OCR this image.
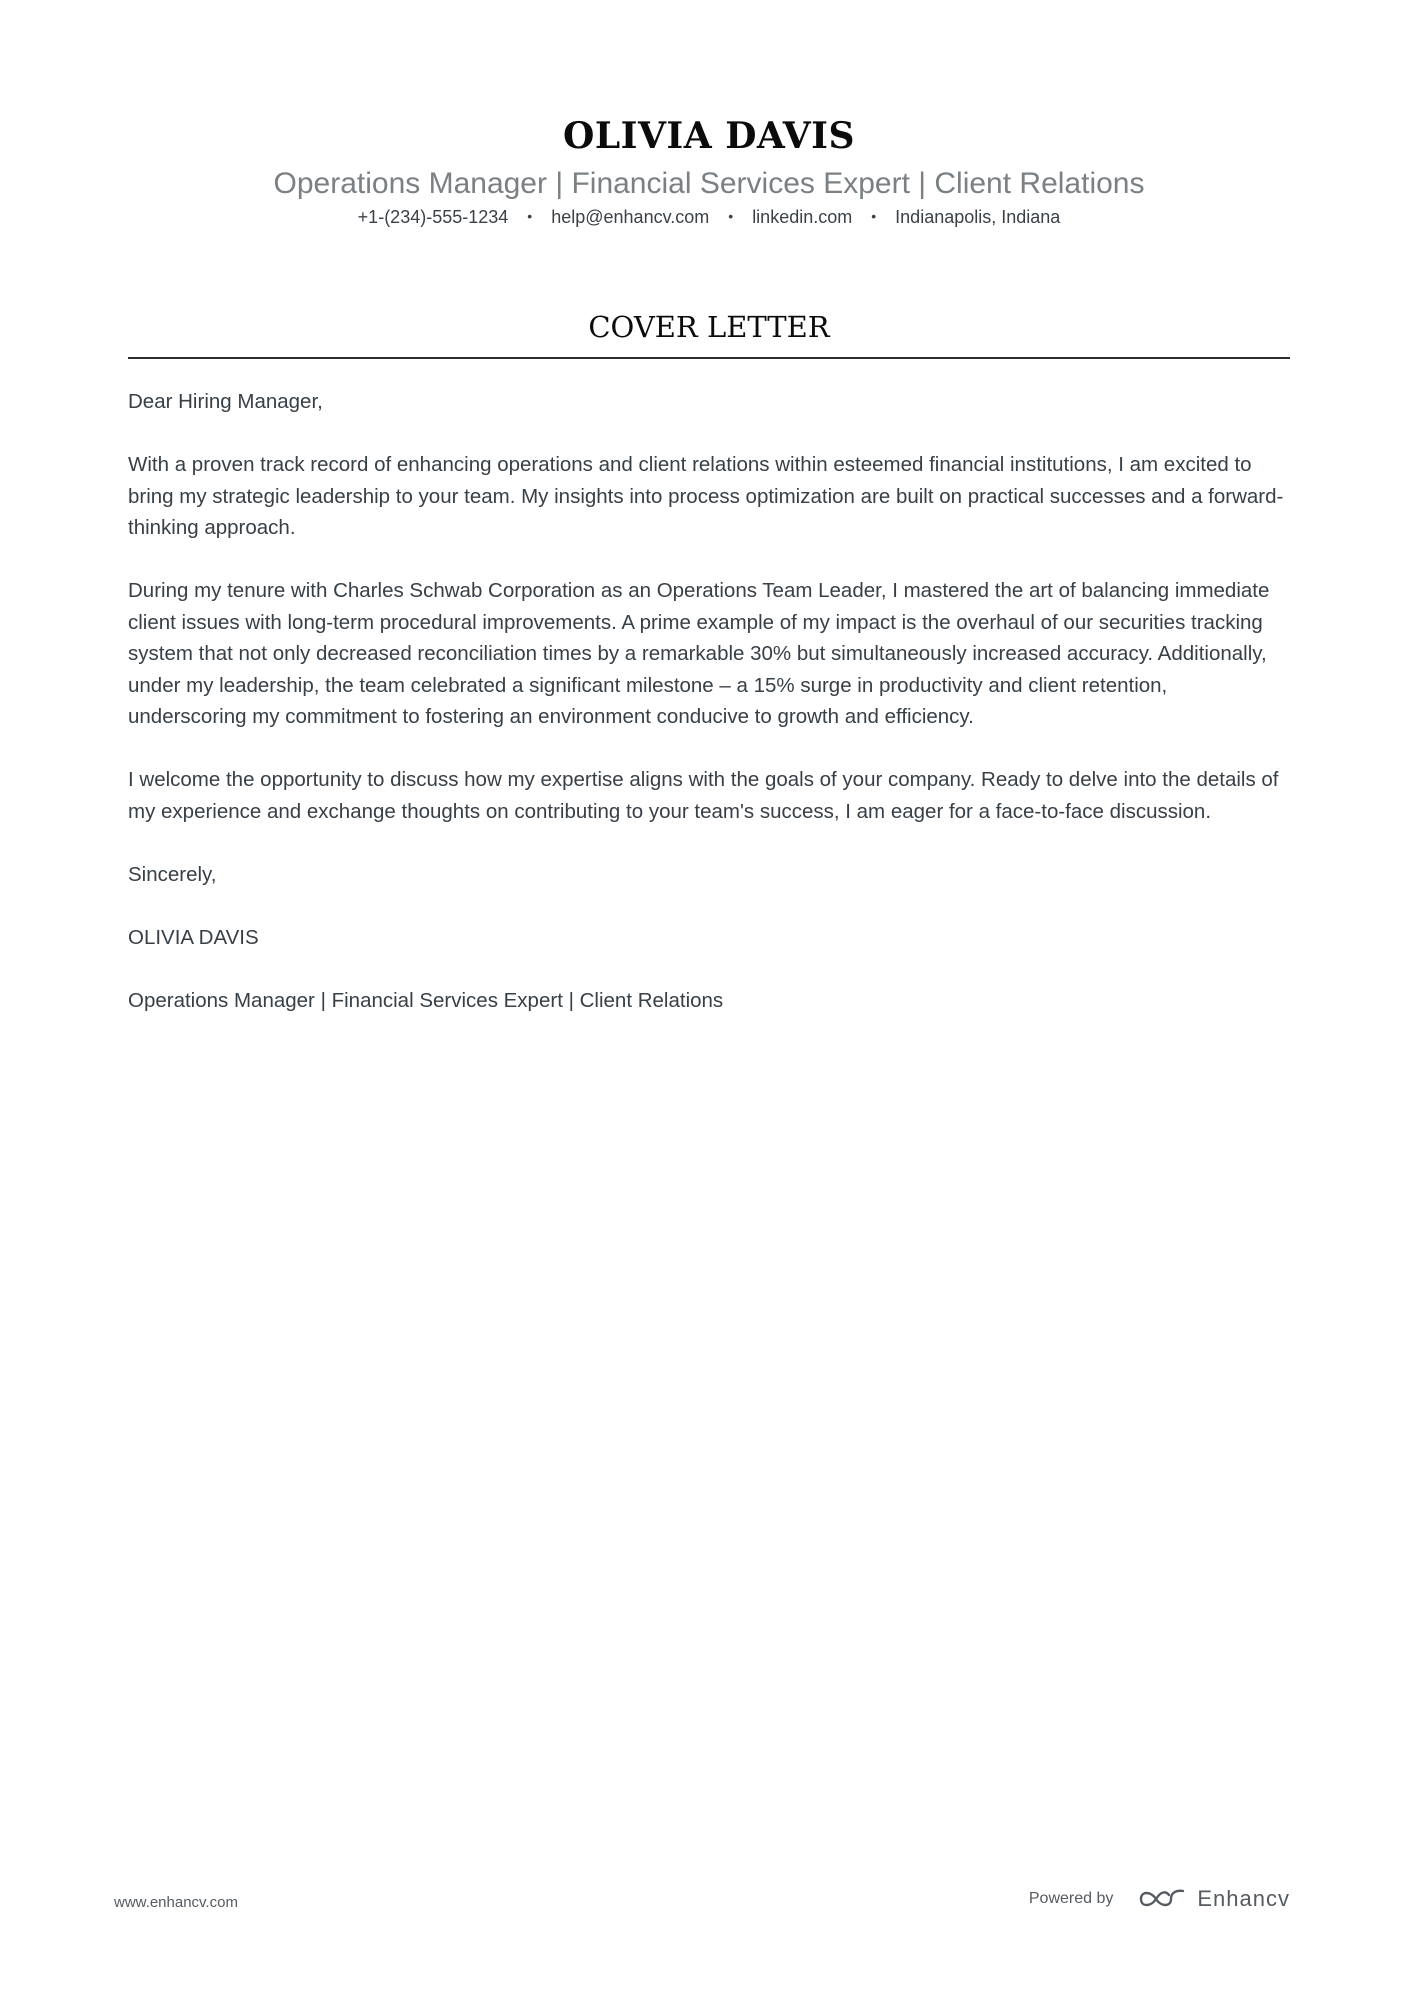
OLIVIA DAVIS
Operations Manager | Financial Services Expert | Client Relations
+1-(234)-555-1234 • help@enhancv.com • linkedin.com • Indianapolis, Indiana
COVER LETTER

Dear Hiring Manager,

With a proven track record of enhancing operations and client relations within esteemed financial institutions, I am excited to bring my strategic leadership to your team. My insights into process optimization are built on practical successes and a forward-thinking approach.

During my tenure with Charles Schwab Corporation as an Operations Team Leader, I mastered the art of balancing immediate client issues with long-term procedural improvements. A prime example of my impact is the overhaul of our securities tracking system that not only decreased reconciliation times by a remarkable 30% but simultaneously increased accuracy. Additionally, under my leadership, the team celebrated a significant milestone – a 15% surge in productivity and client retention, underscoring my commitment to fostering an environment conducive to growth and efficiency.

I welcome the opportunity to discuss how my expertise aligns with the goals of your company. Ready to delve into the details of my experience and exchange thoughts on contributing to your team's success, I am eager for a face-to-face discussion.

Sincerely,

OLIVIA DAVIS

Operations Manager | Financial Services Expert | Client Relations

www.enhancv.com	Powered by	Enhancv
